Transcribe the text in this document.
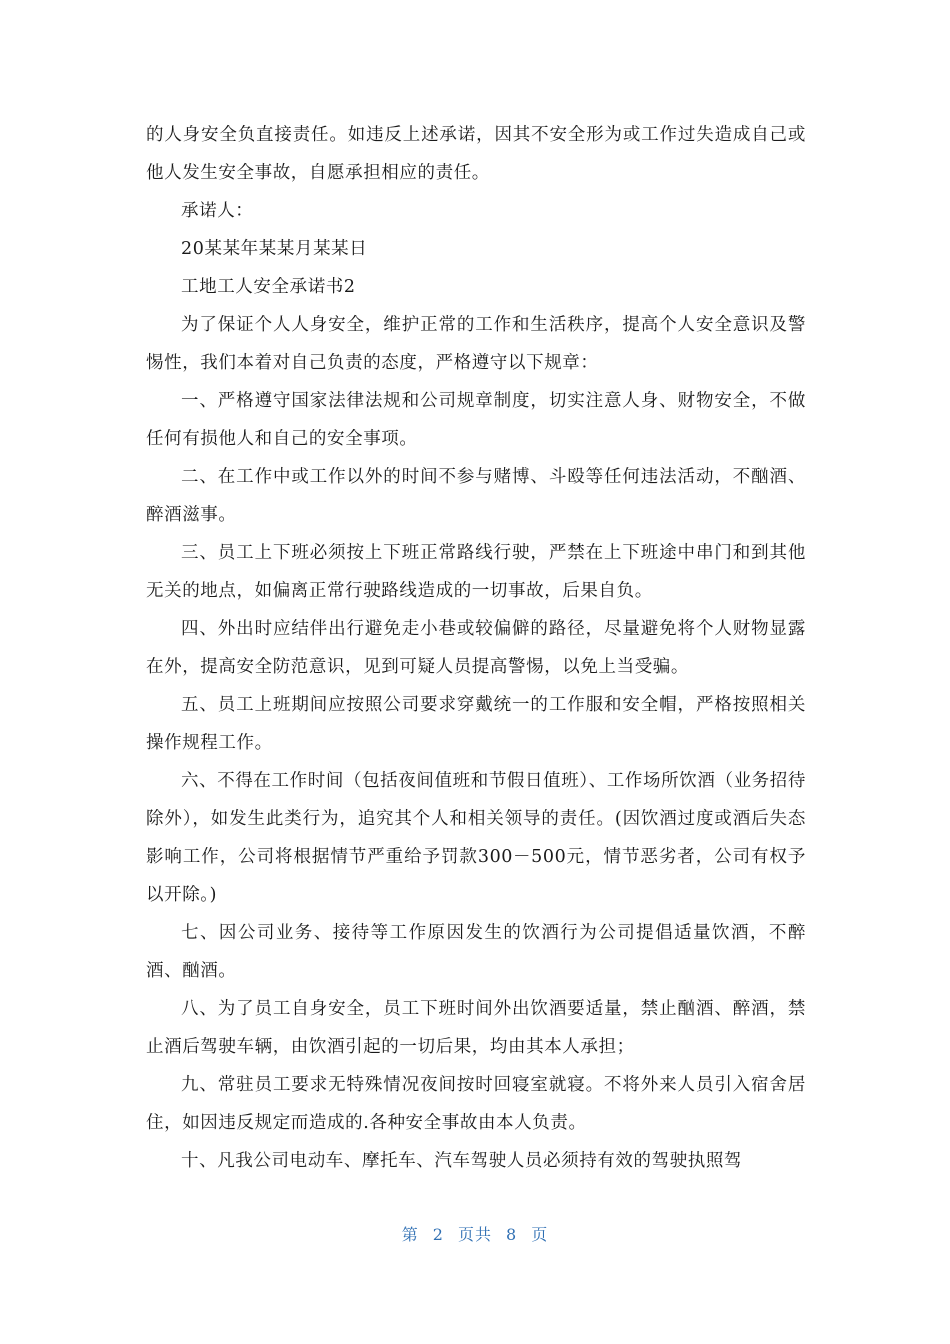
的人身安全负直接责任。如违反上述承诺，因其不安全形为或工作过失造成自己或他人发生安全事故，自愿承担相应的责任。

承诺人：

20某某年某某月某某日

工地工人安全承诺书2

为了保证个人人身安全，维护正常的工作和生活秩序，提高个人安全意识及警惕性，我们本着对自己负责的态度，严格遵守以下规章：

一、严格遵守国家法律法规和公司规章制度，切实注意人身、财物安全，不做任何有损他人和自己的安全事项。

二、在工作中或工作以外的时间不参与赌博、斗殴等任何违法活动，不酗酒、醉酒滋事。

三、员工上下班必须按上下班正常路线行驶，严禁在上下班途中串门和到其他无关的地点，如偏离正常行驶路线造成的一切事故，后果自负。

四、外出时应结伴出行避免走小巷或较偏僻的路径，尽量避免将个人财物显露在外，提高安全防范意识，见到可疑人员提高警惕，以免上当受骗。

五、员工上班期间应按照公司要求穿戴统一的工作服和安全帽，严格按照相关操作规程工作。

六、不得在工作时间（包括夜间值班和节假日值班）、工作场所饮酒（业务招待除外），如发生此类行为，追究其个人和相关领导的责任。(因饮酒过度或酒后失态影响工作，公司将根据情节严重给予罚款300－500元，情节恶劣者，公司有权予以开除。)

七、因公司业务、接待等工作原因发生的饮酒行为公司提倡适量饮酒，不醉酒、酗酒。

八、为了员工自身安全，员工下班时间外出饮酒要适量，禁止酗酒、醉酒，禁止酒后驾驶车辆，由饮酒引起的一切后果，均由其本人承担；

九、常驻员工要求无特殊情况夜间按时回寝室就寝。不将外来人员引入宿舍居住，如因违反规定而造成的.各种安全事故由本人负责。

十、凡我公司电动车、摩托车、汽车驾驶人员必须持有效的驾驶执照驾

第 2 页共 8 页
